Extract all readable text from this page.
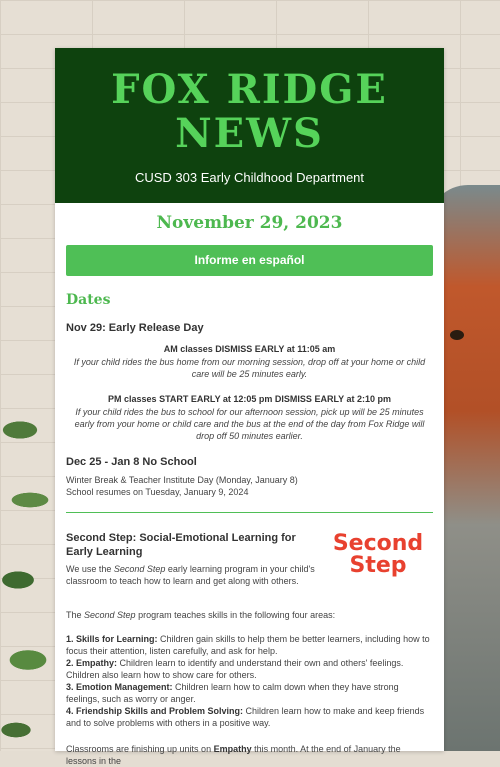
FOX RIDGE
NEWS
CUSD 303 Early Childhood Department
November 29, 2023
Informe en español
Dates
Nov 29: Early Release Day
AM classes DISMISS EARLY at 11:05 am
If your child rides the bus home from our morning session, drop off at your home or child care will be 25 minutes early.
PM classes START EARLY at 12:05 pm DISMISS EARLY at 2:10 pm
If your child rides the bus to school for our afternoon session, pick up will be 25 minutes early from your home or child care and the bus at the end of the day from Fox Ridge will drop off 50 minutes earlier.
Dec 25 - Jan 8 No School
Winter Break & Teacher Institute Day (Monday, January 8)
School resumes on Tuesday, January 9, 2024
Second Step: Social-Emotional Learning for Early Learning
We use the Second Step early learning program in your child's classroom to teach how to learn and get along with others.
Second
Step
The Second Step program teaches skills in the following four areas:
1. Skills for Learning: Children gain skills to help them be better learners, including how to focus their attention, listen carefully, and ask for help.
2. Empathy: Children learn to identify and understand their own and others' feelings. Children also learn how to show care for others.
3. Emotion Management: Children learn how to calm down when they have strong feelings, such as worry or anger.
4. Friendship Skills and Problem Solving: Children learn how to make and keep friends and to solve problems with others in a positive way.
Classrooms are finishing up units on Empathy this month. At the end of January the lessons in the
